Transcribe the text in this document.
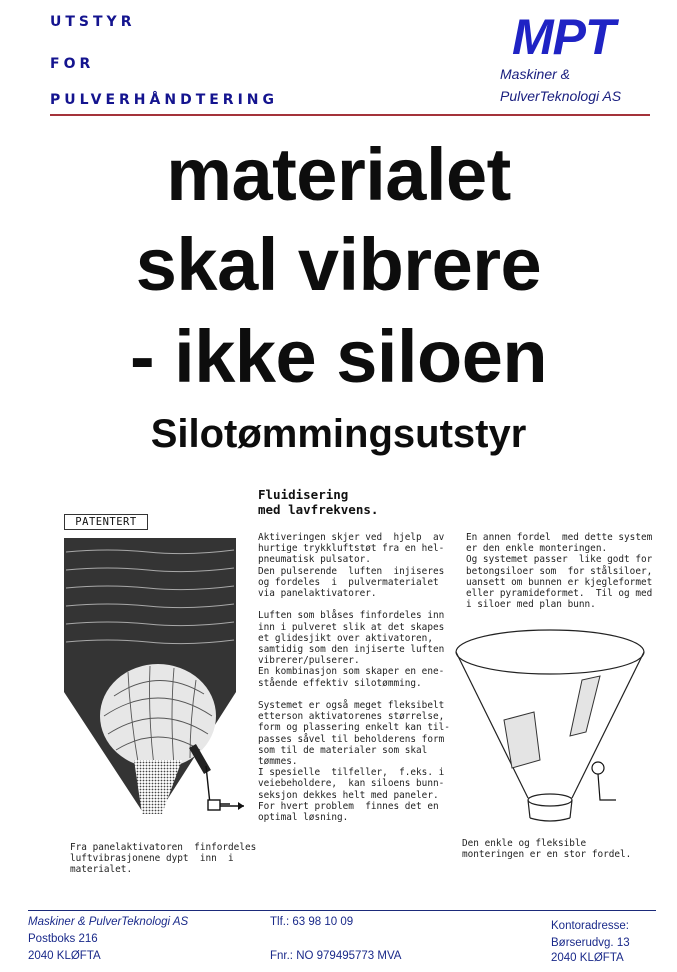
UTSTYR
FOR
PULVERHÅNDTERING
MPT
Maskiner &
PulverTeknologi AS
materialet
skal vibrere
- ikke siloen
Silotømmingsutstyr
Fluidisering
med lavfrekvens.
PATENTERT
Aktiveringen skjer ved  hjelp  av
hurtige trykkluftstøt fra en hel-
pneumatisk pulsator.
Den pulserende  luften  injiseres
og fordeles  i  pulvermaterialet
via panelaktivatorer.

Luften som blåses finfordeles inn
inn i pulveret slik at det skapes
et glidesjikt over aktivatoren,
samtidig som den injiserte luften
vibrerer/pulserer.
En kombinasjon som skaper en ene-
stående effektiv silotømming.

Systemet er også meget fleksibelt
etterson aktivatorenes størrelse,
form og plassering enkelt kan til-
passes såvel til beholderens form
som til de materialer som skal
tømmes.
I spesielle  tilfeller,  f.eks. i
veiebeholdere,  kan siloens bunn-
seksjon dekkes helt med paneler.
For hvert problem  finnes det en
optimal løsning.
En annen fordel  med dette system
er den enkle monteringen.
Og systemet passer  like godt for
betongsiloer som  for stålsiloer,
uansett om bunnen er kjegleformet
eller pyramideformet.  Til og med
i siloer med plan bunn.
Fra panelaktivatoren  finfordeles
luftvibrasjonene dypt  inn  i
materialet.
Den enkle og fleksible
monteringen er en stor fordel.
Maskiner & PulverTeknologi AS
Postboks 216
2040 KLØFTA
Tlf.: 63 98 10 09
Fnr.: NO 979495773 MVA
Kontoradresse:
Børserudvg. 13
2040 KLØFTA
